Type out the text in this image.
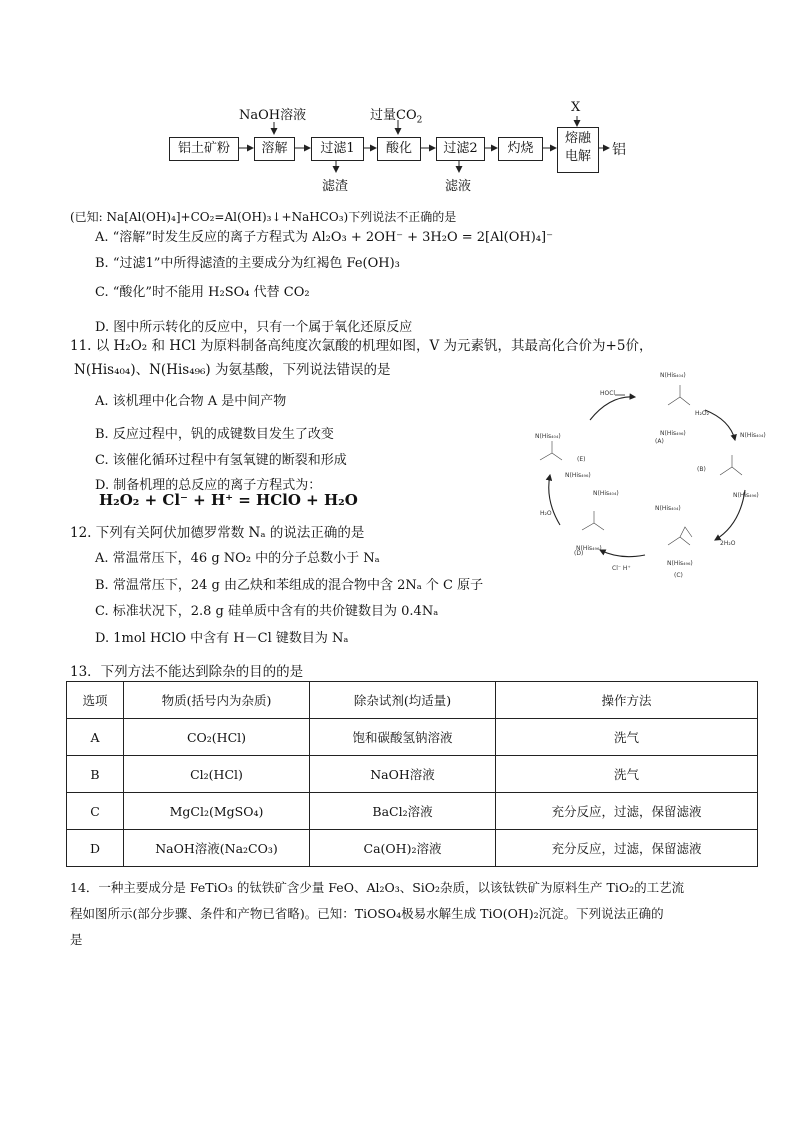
铝土矿粉	溶解	过滤1	酸化	过滤2	灼烧
熔融
电解
NaOH溶液	过量$CO_2$
X
滤渣	滤液
铝
(已知: Na[Al(OH)₄]+CO₂=Al(OH)₃↓+NaHCO₃)下列说法不正确的是
A. “溶解”时发生反应的离子方程式为 Al₂O₃ + 2OH⁻ + 3H₂O = 2[Al(OH)₄]⁻
B. “过滤1”中所得滤渣的主要成分为红褐色 Fe(OH)₃
C. “酸化”时不能用 H₂SO₄ 代替 CO₂
D. 图中所示转化的反应中，只有一个属于氧化还原反应
11. 以 H₂O₂ 和 HCl 为原料制备高纯度次氯酸的机理如图，V 为元素钒，其最高化合价为+5价，
N(His₄₀₄)、N(His₄₉₆) 为氨基酸，下列说法错误的是
A. 该机理中化合物 A 是中间产物
B. 反应过程中，钒的成键数目发生了改变
C. 该催化循环过程中有氢氧键的断裂和形成
D. 制备机理的总反应的离子方程式为：
H₂O₂ + Cl⁻ + H⁺ = HClO + H₂O
HOCl
H₂O₂
2H₂O
H₂O
Cl⁻ H⁺
(A)
(B)
(C)
(D)
(E)
N(His₄₀₄)
N(His₄₉₆)	N(His₄₀₄)
N(His₄₉₆)
N(His₄₀₄)
N(His₄₉₆)
N(His₄₀₄)
N(His₄₀₄)
N(His₄₉₆)
N(His₄₉₆)
12. 下列有关阿伏加德罗常数 Nₐ 的说法正确的是
A. 常温常压下，46 g NO₂ 中的分子总数小于 Nₐ
B. 常温常压下，24 g 由乙炔和苯组成的混合物中含 2Nₐ 个 C 原子
C. 标准状况下，2.8 g 硅单质中含有的共价键数目为 0.4Nₐ
D. 1mol HClO 中含有 H－Cl 键数目为 Nₐ
13．下列方法不能达到除杂的目的的是
选项	物质(括号内为杂质)	除杂试剂(均适量)	操作方法
A	CO₂(HCl)	饱和碳酸氢钠溶液	洗气
B	Cl₂(HCl)	NaOH溶液	洗气
C	MgCl₂(MgSO₄)	BaCl₂溶液	充分反应，过滤，保留滤液
D	NaOH溶液(Na₂CO₃)	Ca(OH)₂溶液	充分反应，过滤，保留滤液
14．一种主要成分是 FeTiO₃ 的钛铁矿含少量 FeO、Al₂O₃、SiO₂杂质，以该钛铁矿为原料生产 TiO₂的工艺流
程如图所示(部分步骤、条件和产物已省略)。已知：TiOSO₄极易水解生成 TiO(OH)₂沉淀。下列说法正确的
是
